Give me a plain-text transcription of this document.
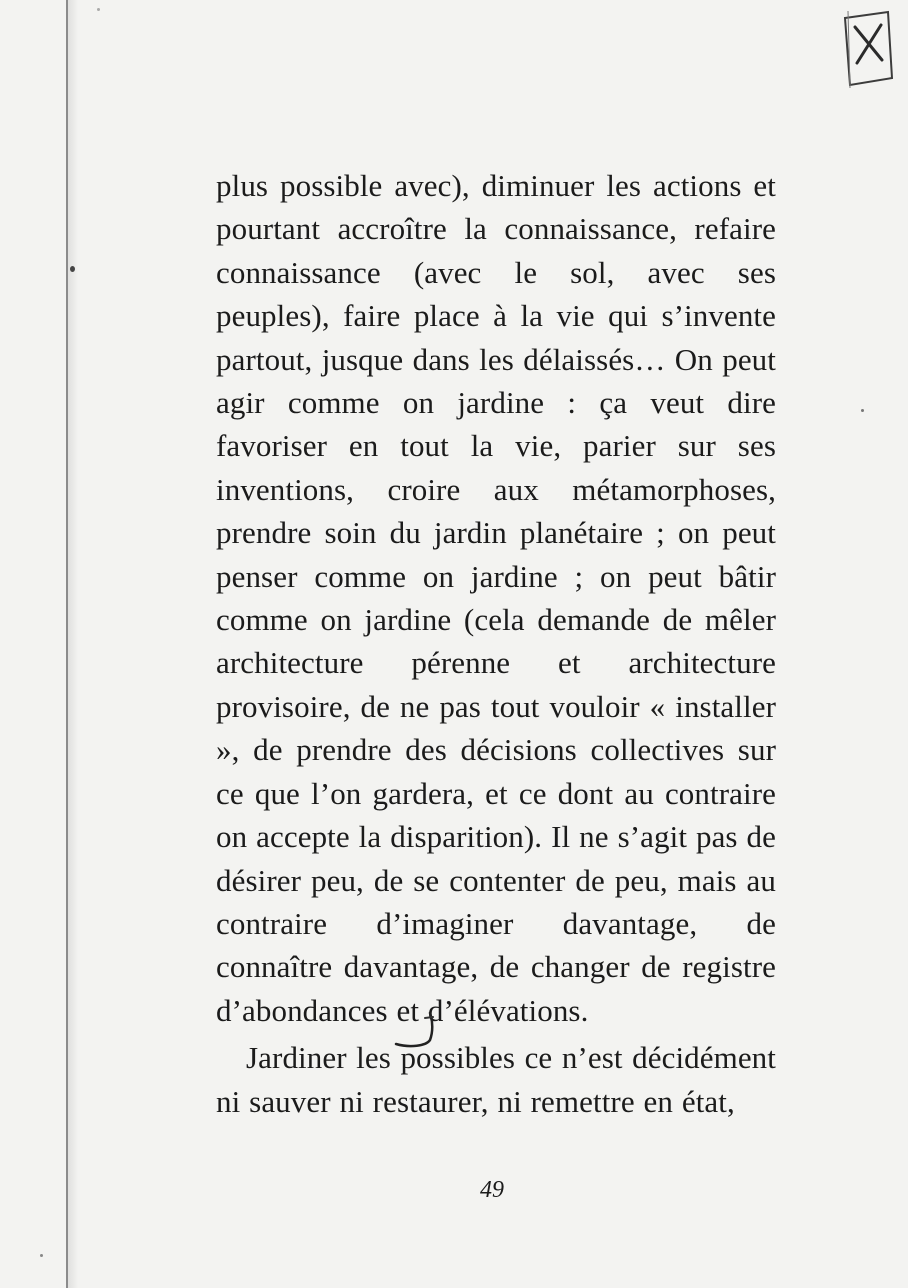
plus possible avec), diminuer les actions et pourtant accroître la connaissance, refaire connaissance (avec le sol, avec ses peuples), faire place à la vie qui s’invente partout, jusque dans les délaissés… On peut agir comme on jardine : ça veut dire favoriser en tout la vie, parier sur ses inventions, croire aux métamorphoses, prendre soin du jardin planétaire ; on peut penser comme on jardine ; on peut bâtir comme on jardine (cela demande de mêler architecture pérenne et architecture provisoire, de ne pas tout vouloir « installer », de prendre des décisions collectives sur ce que l’on gardera, et ce dont au contraire on accepte la disparition). Il ne s’agit pas de désirer peu, de se contenter de peu, mais au contraire d’imaginer davantage, de connaître davantage, de changer de registre d’abondances et d’élévations.

Jardiner les possibles ce n’est décidément ni sauver ni restaurer, ni remettre en état,

49
